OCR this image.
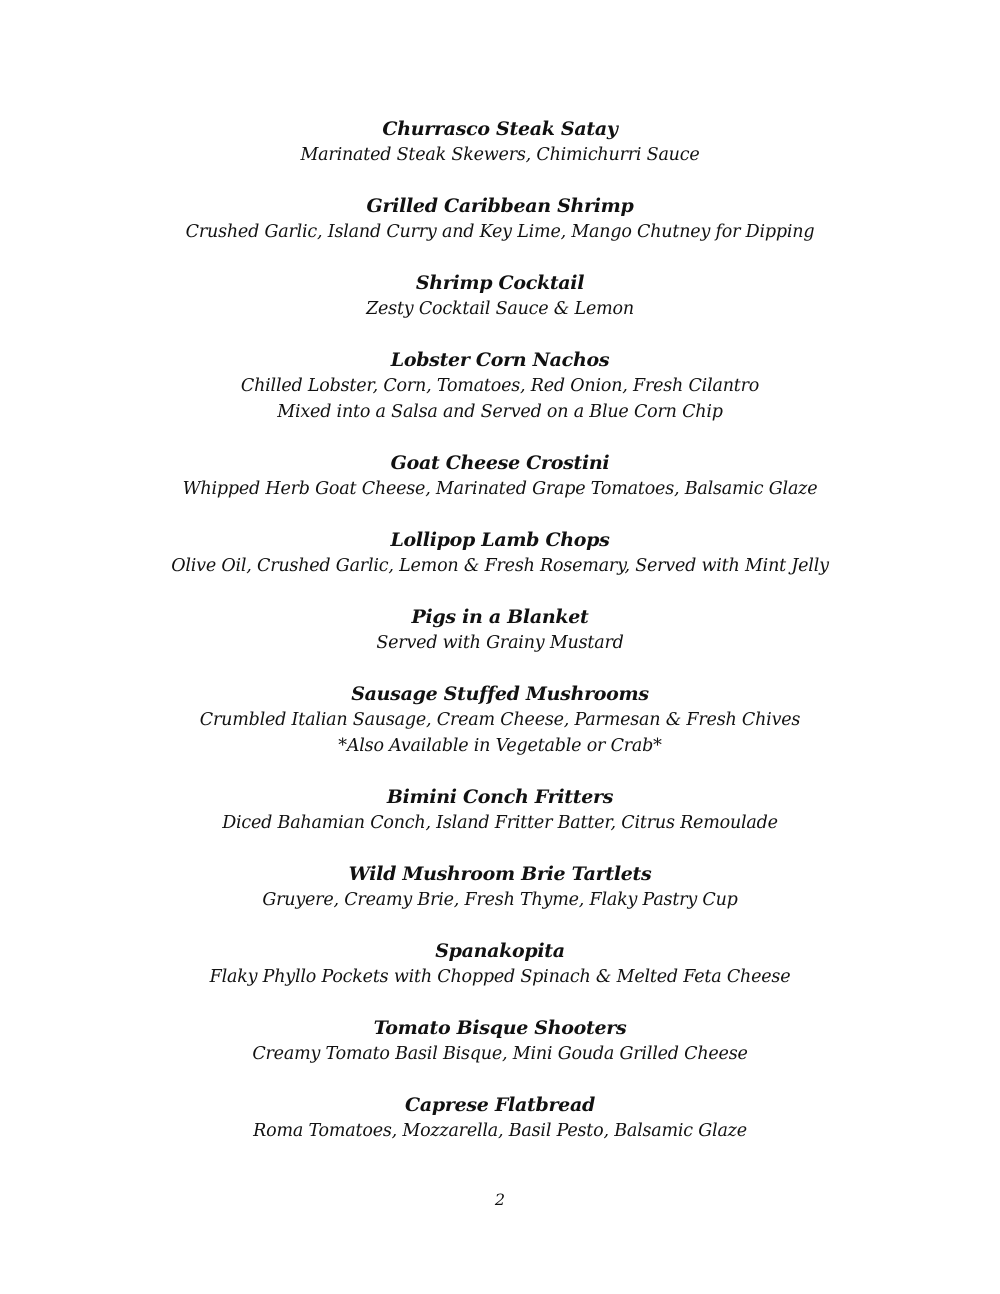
Churrasco Steak Satay
Marinated Steak Skewers, Chimichurri Sauce
Grilled Caribbean Shrimp
Crushed Garlic, Island Curry and Key Lime, Mango Chutney for Dipping
Shrimp Cocktail
Zesty Cocktail Sauce & Lemon
Lobster Corn Nachos
Chilled Lobster, Corn, Tomatoes, Red Onion, Fresh Cilantro
Mixed into a Salsa and Served on a Blue Corn Chip
Goat Cheese Crostini
Whipped Herb Goat Cheese, Marinated Grape Tomatoes, Balsamic Glaze
Lollipop Lamb Chops
Olive Oil, Crushed Garlic, Lemon & Fresh Rosemary, Served with Mint Jelly
Pigs in a Blanket
Served with Grainy Mustard
Sausage Stuffed Mushrooms
Crumbled Italian Sausage, Cream Cheese, Parmesan & Fresh Chives
*Also Available in Vegetable or Crab*
Bimini Conch Fritters
Diced Bahamian Conch, Island Fritter Batter, Citrus Remoulade
Wild Mushroom Brie Tartlets
Gruyere, Creamy Brie, Fresh Thyme, Flaky Pastry Cup
Spanakopita
Flaky Phyllo Pockets with Chopped Spinach & Melted Feta Cheese
Tomato Bisque Shooters
Creamy Tomato Basil Bisque, Mini Gouda Grilled Cheese
Caprese Flatbread
Roma Tomatoes, Mozzarella, Basil Pesto, Balsamic Glaze
2
